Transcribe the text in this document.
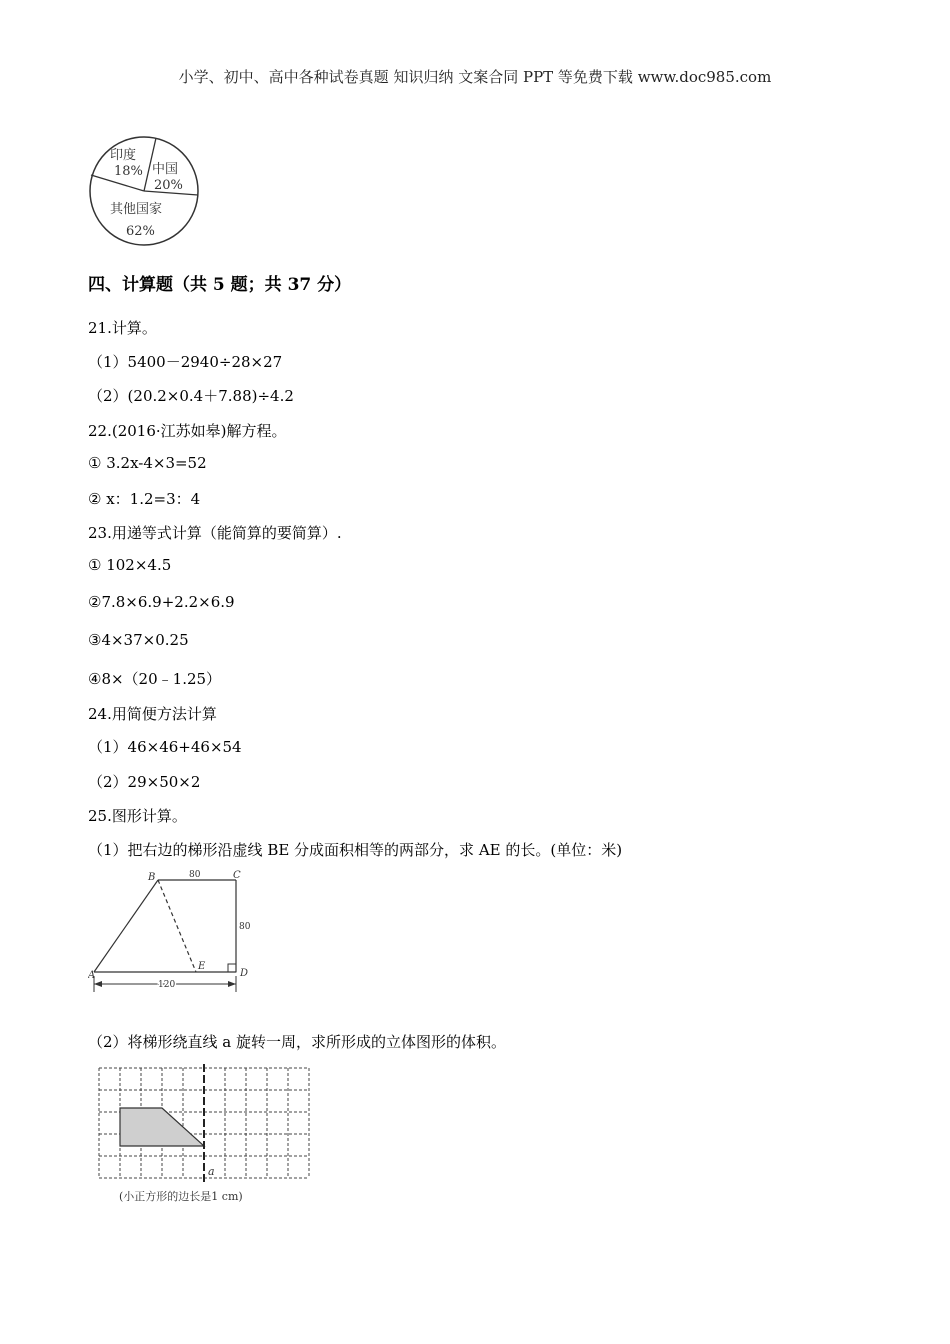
小学、初中、高中各种试卷真题 知识归纳 文案合同 PPT 等免费下载 www.doc985.com
印度
18% 中国
20%
其他国家
62%
四、计算题（共 5 题；共 37 分）
21.计算。
（1）5400－2940÷28×27
（2）(20.2×0.4＋7.88)÷4.2
22.(2016·江苏如皋)解方程。
① 3.2x-4×3=52
② x：1.2=3：4
23.用递等式计算（能简算的要简算）.
① 102×4.5
②7.8×6.9+2.2×6.9
③4×37×0.25
④8×（20﹣1.25）
24.用简便方法计算
（1）46×46+46×54
（2）29×50×2
25.图形计算。
（1）把右边的梯形沿虚线 BE 分成面积相等的两部分，求 AE 的长。(单位：米)
A
B	C
D
E
80
80
120
（2）将梯形绕直线 a 旋转一周，求所形成的立体图形的体积。
a
(小正方形的边长是1 cm)
